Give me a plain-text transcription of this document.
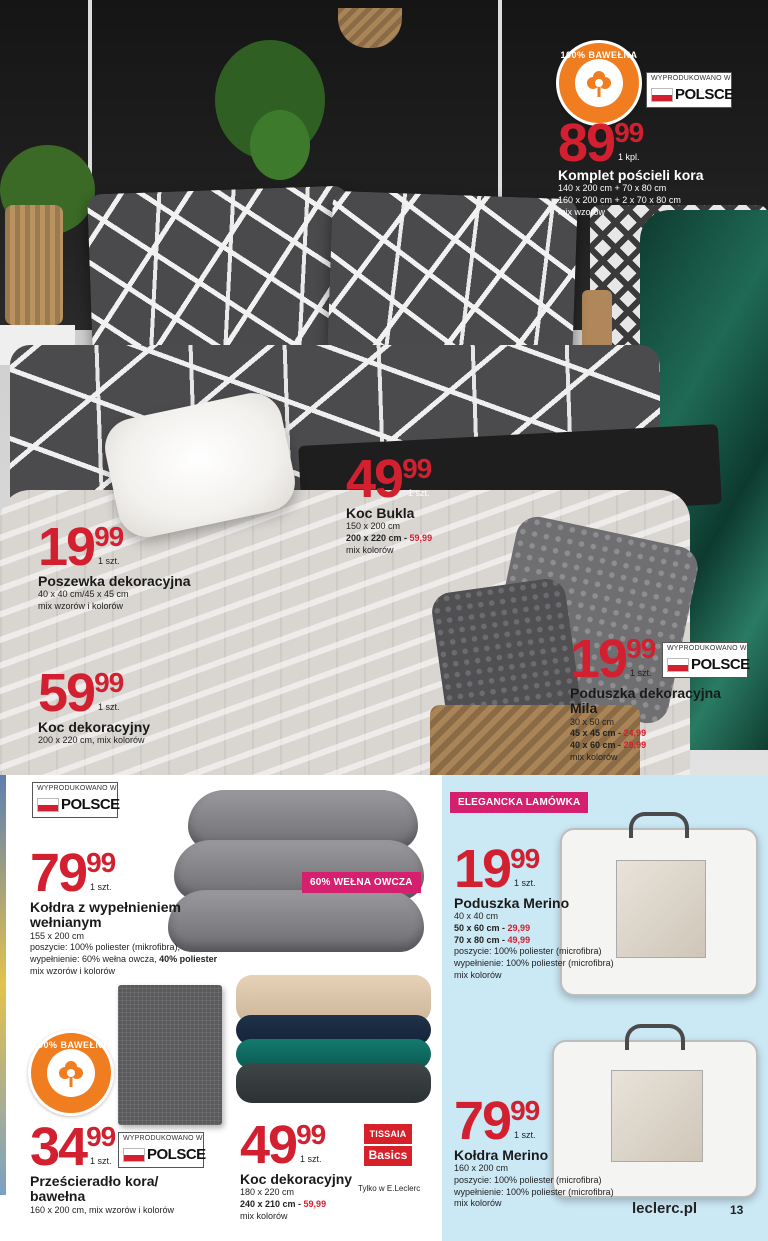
100% BAWEŁNA
WYPRODUKOWANO W
POLSCE
89 99
1 kpl.
Komplet pościeli kora
140 x 200 cm + 70 x 80 cm
160 x 200 cm + 2 x 70 x 80 cm
mix wzorów
49 99
1 szt.
Koc Bukla
150 x 200 cm
200 x 220 cm - 59,99
mix kolorów
19 99
1 szt.
Poszewka dekoracyjna
40 x 40 cm/45 x 45 cm
mix wzorów i kolorów
59 99
1 szt.
Koc dekoracyjny
200 x 220 cm, mix kolorów
WYPRODUKOWANO W
POLSCE
19 99
1 szt.
Poduszka dekoracyjna
Mila
30 x 50 cm
45 x 45 cm - 24,99
40 x 60 cm - 29,99
mix kolorów
WYPRODUKOWANO W
POLSCE
60% WEŁNA OWCZA
79 99
1 szt.
Kołdra z wypełnieniem
wełnianym
155 x 200 cm
poszycie: 100% poliester (mikrofibra),
wypełnienie: 60% wełna owcza, 40% poliester
mix wzorów i kolorów
100% BAWEŁNA
WYPRODUKOWANO W
POLSCE
34 99
1 szt.
Prześcieradło kora/
bawełna
160 x 200 cm, mix wzorów i kolorów
49 99
1 szt.
Koc dekoracyjny
180 x 220 cm
240 x 210 cm - 59,99
mix kolorów
TISSAIA
Basics
Tylko w E.Leclerc
ELEGANCKA LAMÓWKA
19 99
1 szt.
Poduszka Merino
40 x 40 cm
50 x 60 cm - 29,99
70 x 80 cm - 49,99
poszycie: 100% poliester (microfibra)
wypełnienie: 100% poliester (microfibra)
mix kolorów
79 99
1 szt.
Kołdra Merino
160 x 200 cm
poszycie: 100% poliester (microfibra)
wypełnienie: 100% poliester (microfibra)
mix kolorów	leclerc.pl	13
